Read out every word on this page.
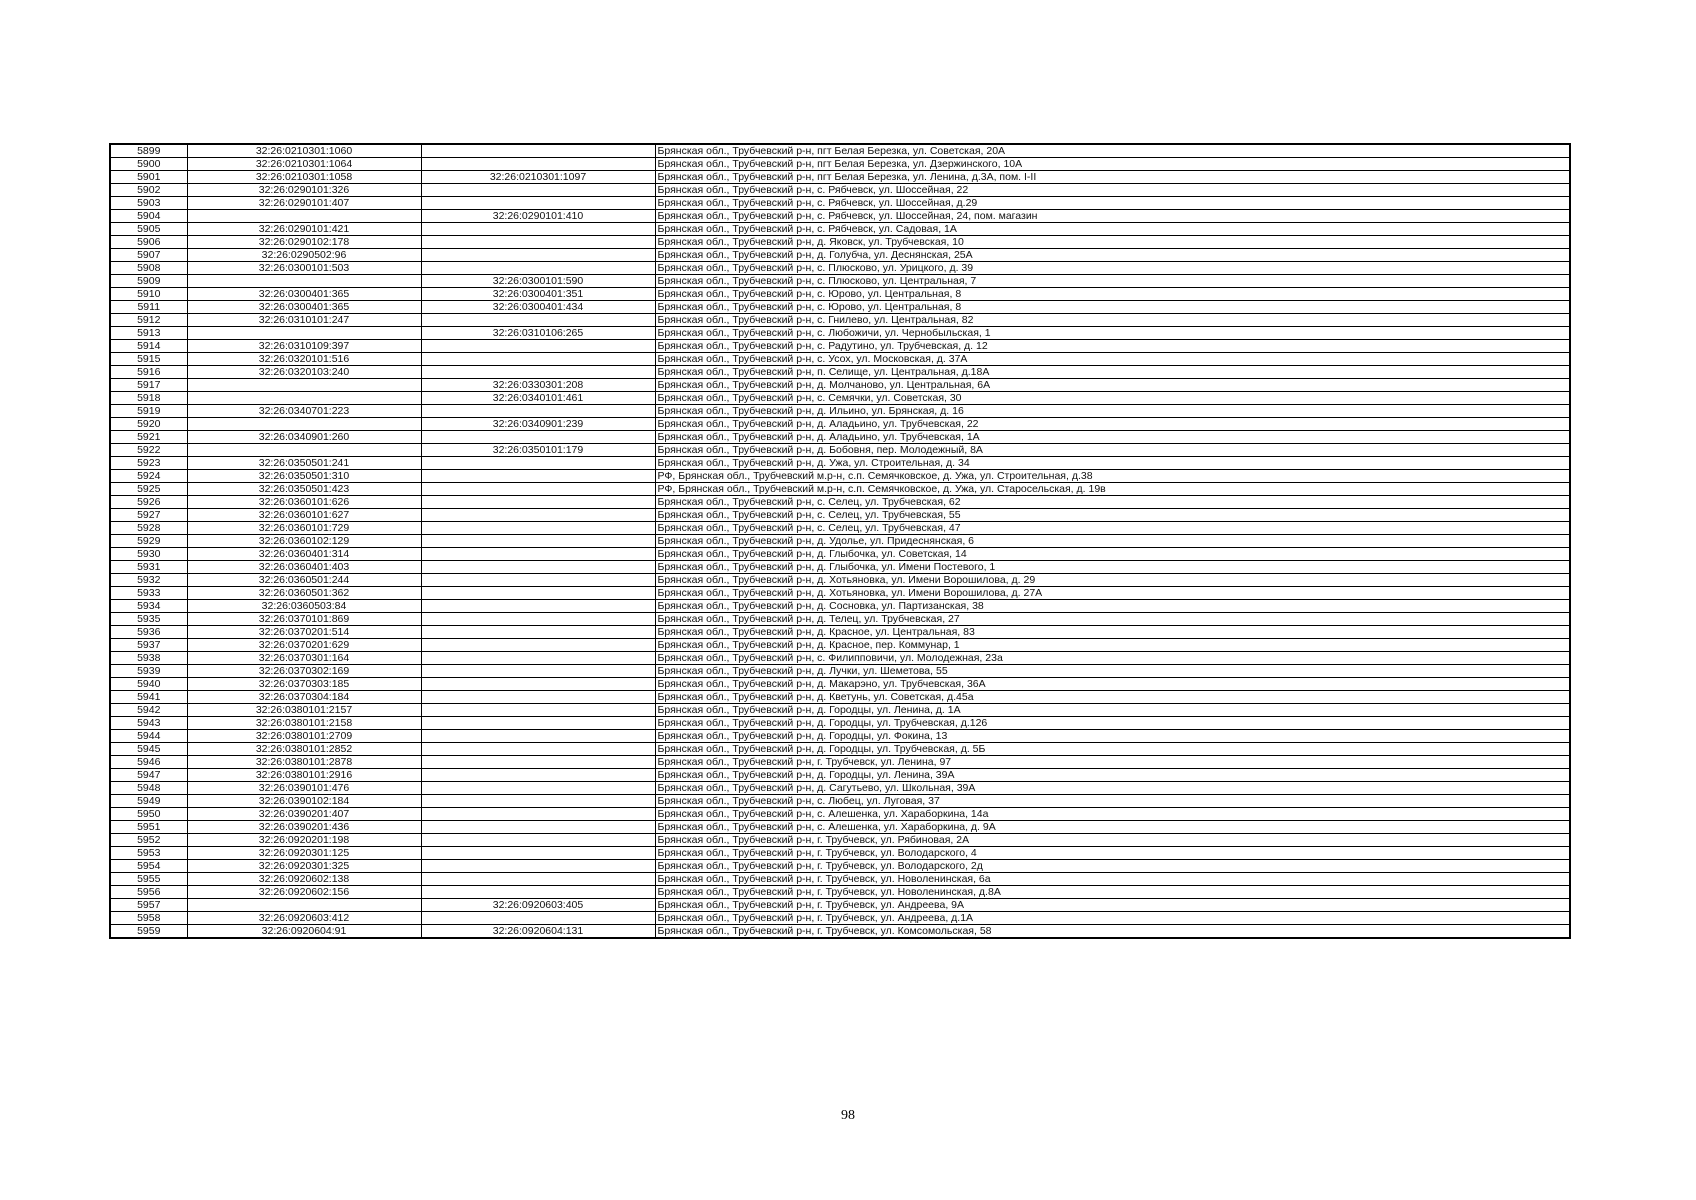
5899	32:26:0210301:1060		Брянская обл., Трубчевский р-н, пгт Белая Березка, ул. Советская, 20А
5900	32:26:0210301:1064		Брянская обл., Трубчевский р-н, пгт Белая Березка, ул. Дзержинского, 10А
5901	32:26:0210301:1058	32:26:0210301:1097	Брянская обл., Трубчевский р-н, пгт Белая Березка, ул. Ленина, д.3А, пом. I-II
5902	32:26:0290101:326		Брянская обл., Трубчевский р-н, с. Рябчевск, ул. Шоссейная, 22
5903	32:26:0290101:407		Брянская обл., Трубчевский р-н, с. Рябчевск, ул. Шоссейная, д.29
5904		32:26:0290101:410	Брянская обл., Трубчевский р-н, с. Рябчевск, ул. Шоссейная, 24, пом. магазин
5905	32:26:0290101:421		Брянская обл., Трубчевский р-н, с. Рябчевск, ул. Садовая, 1А
5906	32:26:0290102:178		Брянская обл., Трубчевский р-н, д. Яковск, ул. Трубчевская, 10
5907	32:26:0290502:96		Брянская обл., Трубчевский р-н, д. Голубча, ул. Деснянская, 25А
5908	32:26:0300101:503		Брянская обл., Трубчевский р-н, с. Плюсково, ул. Урицкого, д. 39
5909		32:26:0300101:590	Брянская обл., Трубчевский р-н, с. Плюсково, ул. Центральная, 7
5910	32:26:0300401:365	32:26:0300401:351	Брянская обл., Трубчевский р-н, с. Юрово, ул. Центральная, 8
5911	32:26:0300401:365	32:26:0300401:434	Брянская обл., Трубчевский р-н, с. Юрово, ул. Центральная, 8
5912	32:26:0310101:247		Брянская обл., Трубчевский р-н, с. Гнилево, ул. Центральная, 82
5913		32:26:0310106:265	Брянская обл., Трубчевский р-н, с. Любожичи, ул. Чернобыльская, 1
5914	32:26:0310109:397		Брянская обл., Трубчевский р-н, с. Радутино, ул. Трубчевская, д. 12
5915	32:26:0320101:516		Брянская обл., Трубчевский р-н, с. Усох, ул. Московская, д. 37А
5916	32:26:0320103:240		Брянская обл., Трубчевский р-н, п. Селище, ул. Центральная, д.18А
5917		32:26:0330301:208	Брянская обл., Трубчевский р-н, д. Молчаново, ул. Центральная, 6А
5918		32:26:0340101:461	Брянская обл., Трубчевский р-н, с. Семячки, ул. Советская, 30
5919	32:26:0340701:223		Брянская обл., Трубчевский р-н, д. Ильино, ул. Брянская, д. 16
5920		32:26:0340901:239	Брянская обл., Трубчевский р-н, д. Аладьино, ул. Трубчевская, 22
5921	32:26:0340901:260		Брянская обл., Трубчевский р-н, д. Аладьино, ул. Трубчевская, 1А
5922		32:26:0350101:179	Брянская обл., Трубчевский р-н, д. Бобовня, пер. Молодежный, 8А
5923	32:26:0350501:241		Брянская обл., Трубчевский р-н, д. Ужа, ул. Строительная, д. 34
5924	32:26:0350501:310		РФ, Брянская обл., Трубчевский м.р-н, с.п. Семячковское, д. Ужа, ул. Строительная, д.38
5925	32:26:0350501:423		РФ, Брянская обл., Трубчевский м.р-н, с.п. Семячковское, д. Ужа, ул. Старосельская, д. 19в
5926	32:26:0360101:626		Брянская обл., Трубчевский р-н, с. Селец, ул. Трубчевская, 62
5927	32:26:0360101:627		Брянская обл., Трубчевский р-н, с. Селец, ул. Трубчевская, 55
5928	32:26:0360101:729		Брянская обл., Трубчевский р-н, с. Селец, ул. Трубчевская, 47
5929	32:26:0360102:129		Брянская обл., Трубчевский р-н, д. Удолье, ул. Придеснянская, 6
5930	32:26:0360401:314		Брянская обл., Трубчевский р-н, д. Глыбочка, ул. Советская, 14
5931	32:26:0360401:403		Брянская обл., Трубчевский р-н, д. Глыбочка, ул. Имени Постевого, 1
5932	32:26:0360501:244		Брянская обл., Трубчевский р-н, д. Хотьяновка, ул. Имени Ворошилова, д. 29
5933	32:26:0360501:362		Брянская обл., Трубчевский р-н, д. Хотьяновка, ул. Имени Ворошилова, д. 27А
5934	32:26:0360503:84		Брянская обл., Трубчевский р-н, д. Сосновка, ул. Партизанская, 38
5935	32:26:0370101:869		Брянская обл., Трубчевский р-н, д. Телец, ул. Трубчевская, 27
5936	32:26:0370201:514		Брянская обл., Трубчевский р-н, д. Красное, ул. Центральная, 83
5937	32:26:0370201:629		Брянская обл., Трубчевский р-н, д. Красное, пер. Коммунар, 1
5938	32:26:0370301:164		Брянская обл., Трубчевский р-н, с. Филипповичи, ул. Молодежная, 23а
5939	32:26:0370302:169		Брянская обл., Трубчевский р-н, д. Лучки, ул. Шеметова, 55
5940	32:26:0370303:185		Брянская обл., Трубчевский р-н, д. Макарэно, ул. Трубчевская, 36А
5941	32:26:0370304:184		Брянская обл., Трубчевский р-н, д. Кветунь, ул. Советская, д.45а
5942	32:26:0380101:2157		Брянская обл., Трубчевский р-н, д. Городцы, ул. Ленина, д. 1А
5943	32:26:0380101:2158		Брянская обл., Трубчевский р-н, д. Городцы, ул. Трубчевская, д.126
5944	32:26:0380101:2709		Брянская обл., Трубчевский р-н, д. Городцы, ул. Фокина, 13
5945	32:26:0380101:2852		Брянская обл., Трубчевский р-н, д. Городцы, ул. Трубчевская, д. 5Б
5946	32:26:0380101:2878		Брянская обл., Трубчевский р-н, г. Трубчевск, ул. Ленина, 97
5947	32:26:0380101:2916		Брянская обл., Трубчевский р-н, д. Городцы, ул. Ленина, 39А
5948	32:26:0390101:476		Брянская обл., Трубчевский р-н, д. Сагутьево, ул. Школьная, 39А
5949	32:26:0390102:184		Брянская обл., Трубчевский р-н, с. Любец, ул. Луговая, 37
5950	32:26:0390201:407		Брянская обл., Трубчевский р-н, с. Алешенка, ул. Хараборкина, 14а
5951	32:26:0390201:436		Брянская обл., Трубчевский р-н, с. Алешенка, ул. Хараборкина, д. 9А
5952	32:26:0920201:198		Брянская обл., Трубчевский р-н, г. Трубчевск, ул. Рябиновая, 2А
5953	32:26:0920301:125		Брянская обл., Трубчевский р-н, г. Трубчевск, ул. Володарского, 4
5954	32:26:0920301:325		Брянская обл., Трубчевский р-н, г. Трубчевск, ул. Володарского, 2д
5955	32:26:0920602:138		Брянская обл., Трубчевский р-н, г. Трубчевск, ул. Новоленинская, 6а
5956	32:26:0920602:156		Брянская обл., Трубчевский р-н, г. Трубчевск, ул. Новоленинская, д.8А
5957		32:26:0920603:405	Брянская обл., Трубчевский р-н, г. Трубчевск, ул. Андреева, 9А
5958	32:26:0920603:412		Брянская обл., Трубчевский р-н, г. Трубчевск, ул. Андреева, д.1А
5959	32:26:0920604:91	32:26:0920604:131	Брянская обл., Трубчевский р-н, г. Трубчевск, ул. Комсомольская, 58
98
